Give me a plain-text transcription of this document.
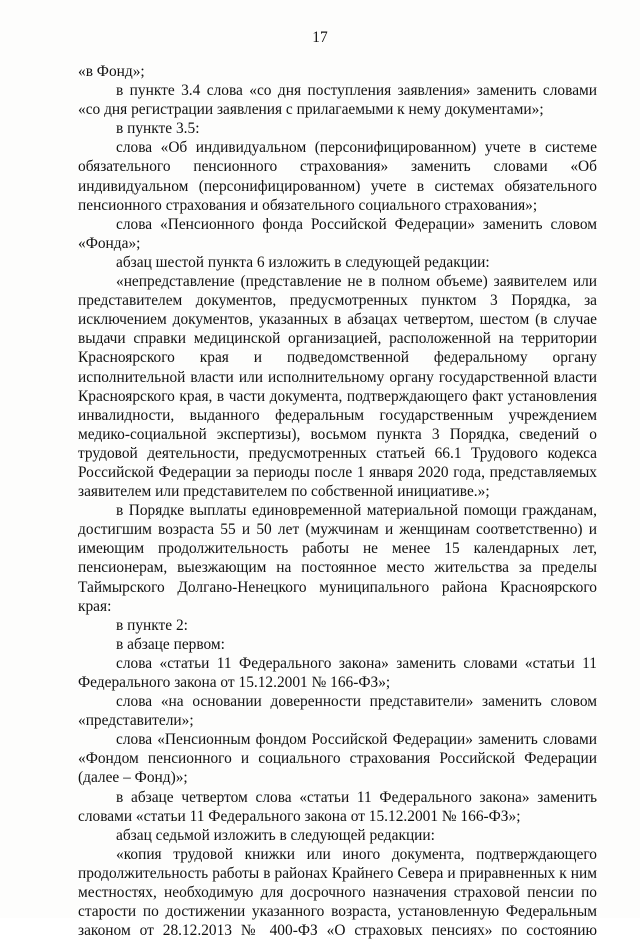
17

«в Фонд»;

в пункте 3.4 слова «со дня поступления заявления» заменить словами «со дня регистрации заявления с прилагаемыми к нему документами»;

в пункте 3.5:

слова «Об индивидуальном (персонифицированном) учете в системе обязательного пенсионного страхования» заменить словами «Об индивидуальном (персонифицированном) учете в системах обязательного пенсионного страхования и обязательного социального страхования»;

слова «Пенсионного фонда Российской Федерации» заменить словом «Фонда»;

абзац шестой пункта 6 изложить в следующей редакции:

«непредставление (представление не в полном объеме) заявителем или представителем документов, предусмотренных пунктом 3 Порядка, за исключением документов, указанных в абзацах четвертом, шестом (в случае выдачи справки медицинской организацией, расположенной на территории Красноярского края и подведомственной федеральному органу исполнительной власти или исполнительному органу государственной власти Красноярского края, в части документа, подтверждающего факт установления инвалидности, выданного федеральным государственным учреждением медико-социальной экспертизы), восьмом пункта 3 Порядка, сведений о трудовой деятельности, предусмотренных статьей 66.1 Трудового кодекса Российской Федерации за периоды после 1 января 2020 года, представляемых заявителем или представителем по собственной инициативе.»;

в Порядке выплаты единовременной материальной помощи гражданам, достигшим возраста 55 и 50 лет (мужчинам и женщинам соответственно) и имеющим продолжительность работы не менее 15 календарных лет, пенсионерам, выезжающим на постоянное место жительства за пределы Таймырского Долгано-Ненецкого муниципального района Красноярского края:

в пункте 2:

в абзаце первом:

слова «статьи 11 Федерального закона» заменить словами «статьи 11 Федерального закона от 15.12.2001 № 166-ФЗ»;

слова «на основании доверенности представители» заменить словом «представители»;

слова «Пенсионным фондом Российской Федерации» заменить словами «Фондом пенсионного и социального страхования Российской Федерации (далее – Фонд)»;

в абзаце четвертом слова «статьи 11 Федерального закона» заменить словами «статьи 11 Федерального закона от 15.12.2001 № 166-ФЗ»;

абзац седьмой изложить в следующей редакции:

«копия трудовой книжки или иного документа, подтверждающего продолжительность работы в районах Крайнего Севера и приравненных к ним местностях, необходимую для досрочного назначения страховой пенсии по старости по достижении указанного возраста, установленную Федеральным законом от 28.12.2013 № 400-ФЗ «О страховых пенсиях» по состоянию
